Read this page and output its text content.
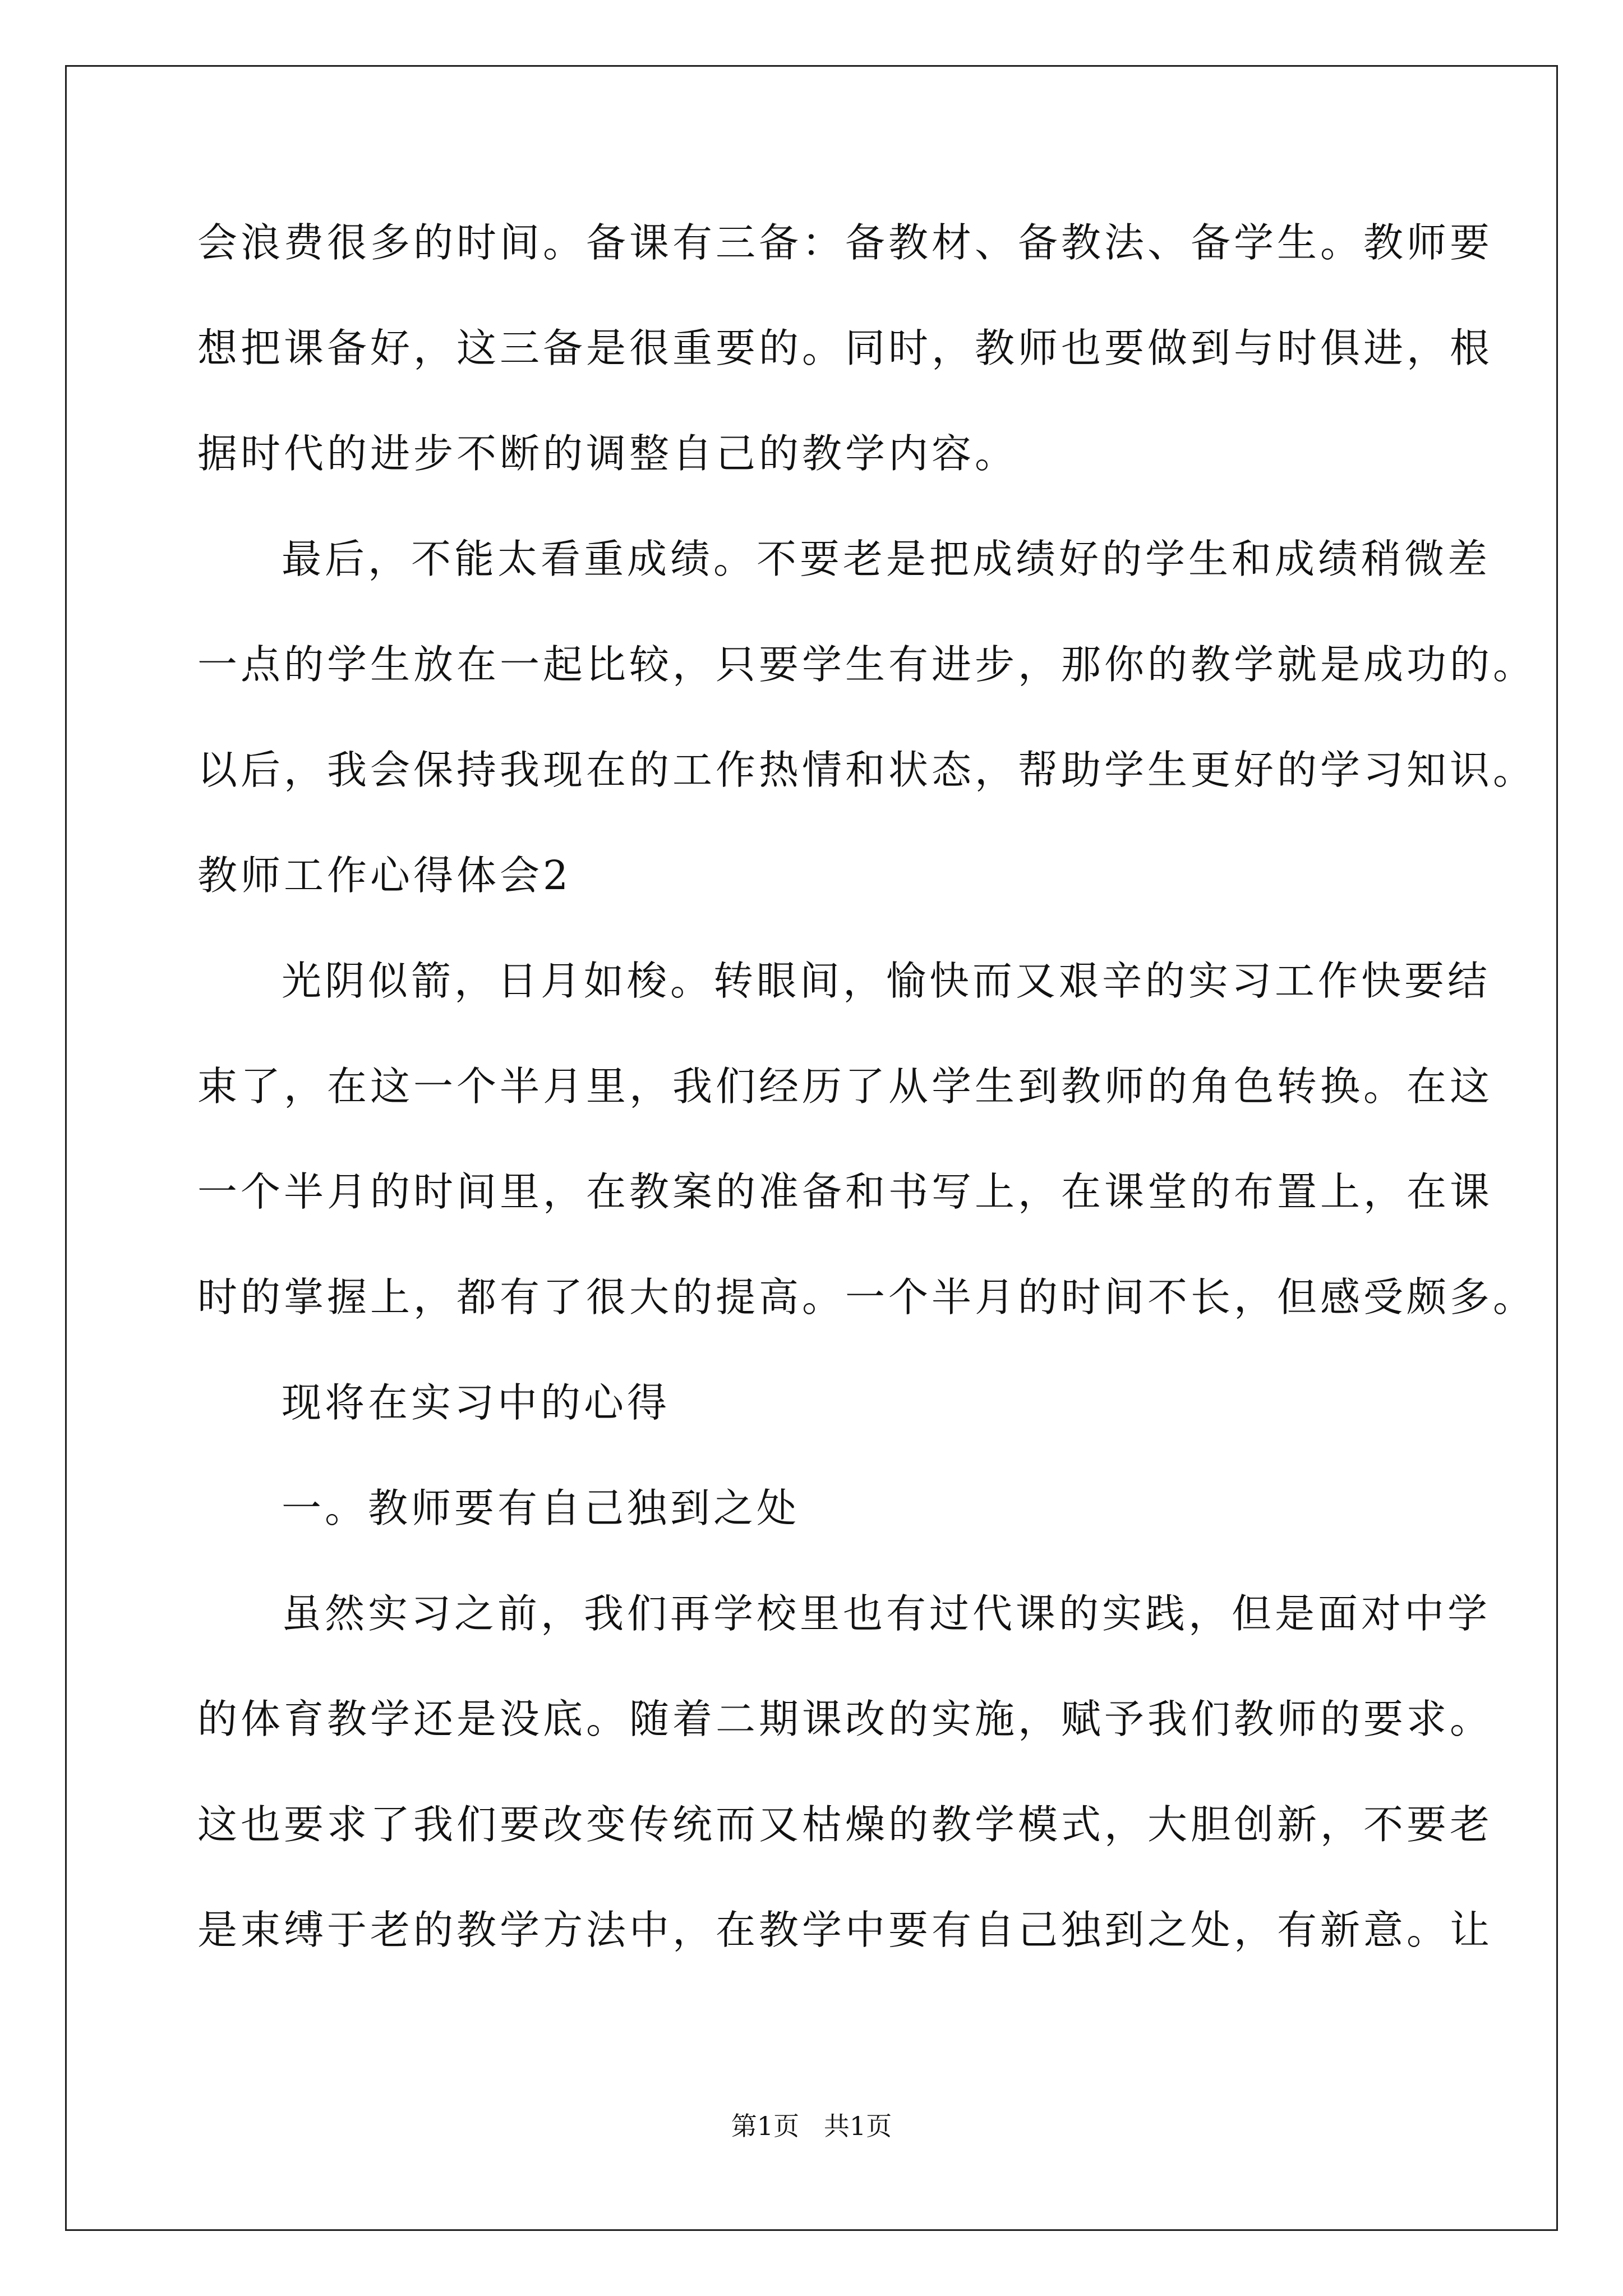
会浪费很多的时间。备课有三备：备教材、备教法、备学生。教师要
想把课备好，这三备是很重要的。同时，教师也要做到与时俱进，根
据时代的进步不断的调整自己的教学内容。
最后，不能太看重成绩。不要老是把成绩好的学生和成绩稍微差
一点的学生放在一起比较，只要学生有进步，那你的教学就是成功的。
以后，我会保持我现在的工作热情和状态，帮助学生更好的学习知识。
教师工作心得体会2
光阴似箭，日月如梭。转眼间，愉快而又艰辛的实习工作快要结
束了，在这一个半月里，我们经历了从学生到教师的角色转换。在这
一个半月的时间里，在教案的准备和书写上，在课堂的布置上，在课
时的掌握上，都有了很大的提高。一个半月的时间不长，但感受颇多。
现将在实习中的心得
一。教师要有自己独到之处
虽然实习之前，我们再学校里也有过代课的实践，但是面对中学
的体育教学还是没底。随着二期课改的实施，赋予我们教师的要求。
这也要求了我们要改变传统而又枯燥的教学模式，大胆创新，不要老
是束缚于老的教学方法中，在教学中要有自己独到之处，有新意。让
第1页   共1页
